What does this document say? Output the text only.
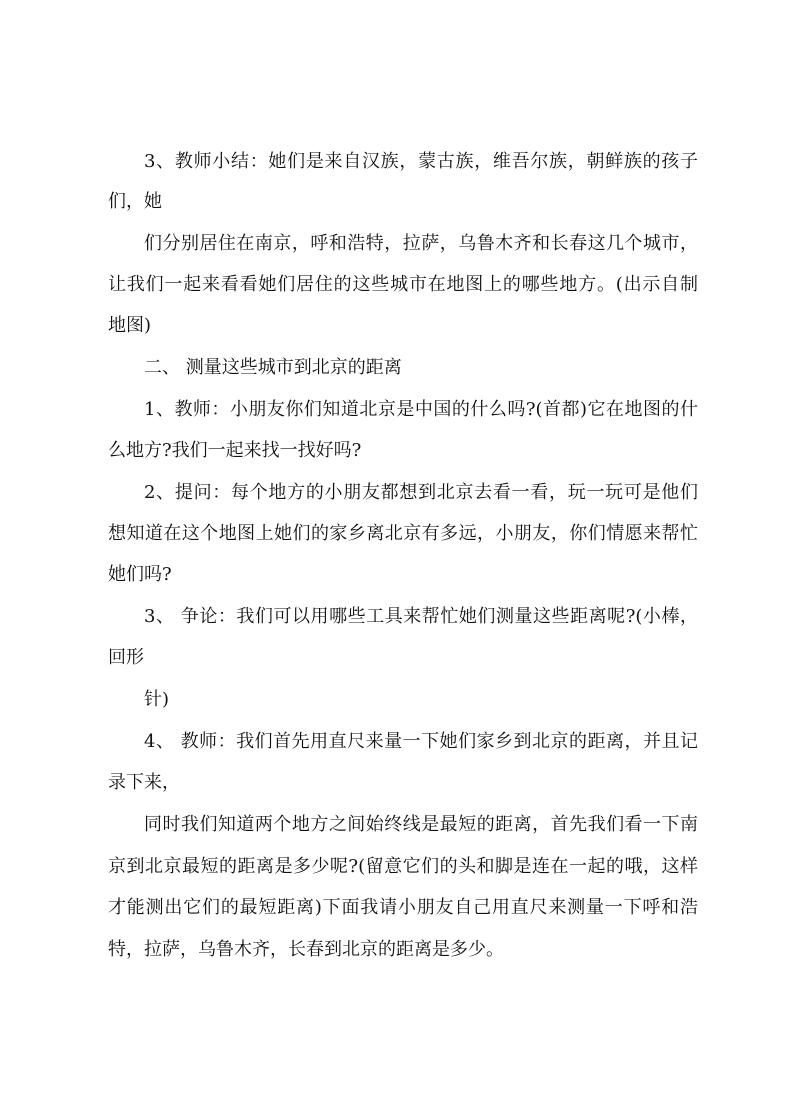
3、教师小结：她们是来自汉族，蒙古族，维吾尔族，朝鲜族的孩子
们，她
们分别居住在南京，呼和浩特，拉萨，乌鲁木齐和长春这几个城市，
让我们一起来看看她们居住的这些城市在地图上的哪些地方。(出示自制
地图)
二、 测量这些城市到北京的距离
1、教师：小朋友你们知道北京是中国的什么吗?(首都)它在地图的什
么地方?我们一起来找一找好吗?
2、提问：每个地方的小朋友都想到北京去看一看，玩一玩可是他们
想知道在这个地图上她们的家乡离北京有多远，小朋友，你们情愿来帮忙
她们吗?
3、 争论：我们可以用哪些工具来帮忙她们测量这些距离呢?(小棒，
回形
针)
4、 教师：我们首先用直尺来量一下她们家乡到北京的距离，并且记
录下来，
同时我们知道两个地方之间始终线是最短的距离，首先我们看一下南
京到北京最短的距离是多少呢?(留意它们的头和脚是连在一起的哦，这样
才能测出它们的最短距离)下面我请小朋友自己用直尺来测量一下呼和浩
特，拉萨，乌鲁木齐，长春到北京的距离是多少。
